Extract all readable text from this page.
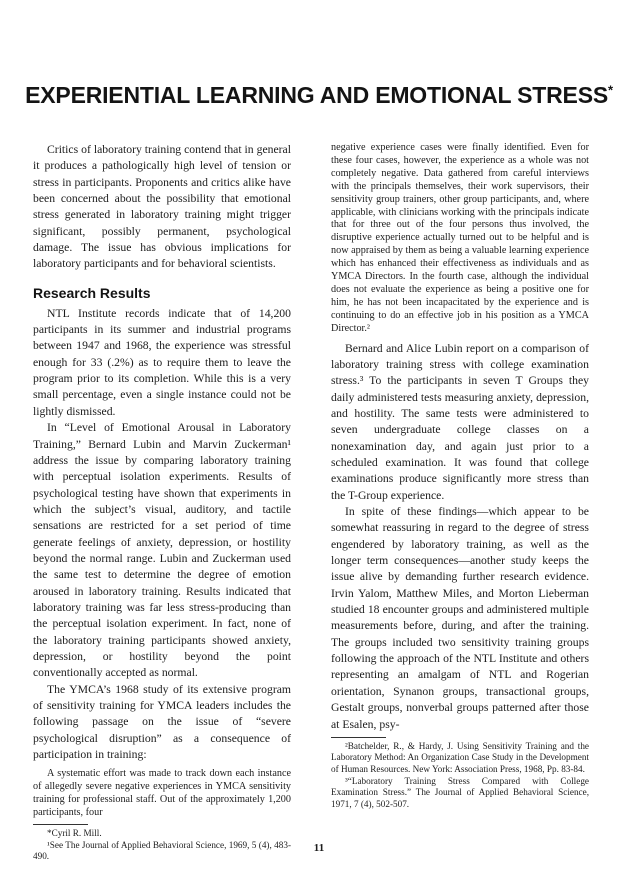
EXPERIENTIAL LEARNING AND EMOTIONAL STRESS*

Critics of laboratory training contend that in general it produces a pathologically high level of tension or stress in participants. Proponents and critics alike have been concerned about the possibility that emotional stress generated in laboratory training might trigger significant, possibly permanent, psychological damage. The issue has obvious implications for laboratory participants and for behavioral scientists.

Research Results

NTL Institute records indicate that of 14,200 participants in its summer and industrial programs between 1947 and 1968, the experience was stressful enough for 33 (.2%) as to require them to leave the program prior to its completion. While this is a very small percentage, even a single instance could not be lightly dismissed.

In “Level of Emotional Arousal in Laboratory Training,” Bernard Lubin and Marvin Zuckerman¹ address the issue by comparing laboratory training with perceptual isolation experiments. Results of psychological testing have shown that experiments in which the subject’s visual, auditory, and tactile sensations are restricted for a set period of time generate feelings of anxiety, depression, or hostility beyond the normal range. Lubin and Zuckerman used the same test to determine the degree of emotion aroused in laboratory training. Results indicated that laboratory training was far less stress-producing than the perceptual isolation experiment. In fact, none of the laboratory training participants showed anxiety, depression, or hostility beyond the point conventionally accepted as normal.

The YMCA’s 1968 study of its extensive program of sensitivity training for YMCA leaders includes the following passage on the issue of “severe psychological disruption” as a consequence of participation in training:

A systematic effort was made to track down each instance of allegedly severe negative experiences in YMCA sensitivity training for professional staff. Out of the approximately 1,200 participants, four

*Cyril R. Mill.

¹See The Journal of Applied Behavioral Science, 1969, 5 (4), 483-490.

negative experience cases were finally identified. Even for these four cases, however, the experience as a whole was not completely negative. Data gathered from careful interviews with the principals themselves, their work supervisors, their sensitivity group trainers, other group participants, and, where applicable, with clinicians working with the principals indicate that for three out of the four persons thus involved, the disruptive experience actually turned out to be helpful and is now appraised by them as being a valuable learning experience which has enhanced their effectiveness as individuals and as YMCA Directors. In the fourth case, although the individual does not evaluate the experience as being a positive one for him, he has not been incapacitated by the experience and is continuing to do an effective job in his position as a YMCA Director.²

Bernard and Alice Lubin report on a comparison of laboratory training stress with college examination stress.³ To the participants in seven T Groups they daily administered tests measuring anxiety, depression, and hostility. The same tests were administered to seven undergraduate college classes on a nonexamination day, and again just prior to a scheduled examination. It was found that college examinations produce significantly more stress than the T-Group experience.

In spite of these findings—which appear to be somewhat reassuring in regard to the degree of stress engendered by laboratory training, as well as the longer term consequences—another study keeps the issue alive by demanding further research evidence. Irvin Yalom, Matthew Miles, and Morton Lieberman studied 18 encounter groups and administered multiple measurements before, during, and after the training. The groups included two sensitivity training groups following the approach of the NTL Institute and others representing an amalgam of NTL and Rogerian orientation, Synanon groups, transactional groups, Gestalt groups, nonverbal groups patterned after those at Esalen, psy-

²Batchelder, R., & Hardy, J. Using Sensitivity Training and the Laboratory Method: An Organization Case Study in the Development of Human Resources. New York: Association Press, 1968, Pp. 83-84.

³“Laboratory Training Stress Compared with College Examination Stress.” The Journal of Applied Behavioral Science, 1971, 7 (4), 502-507.

11
